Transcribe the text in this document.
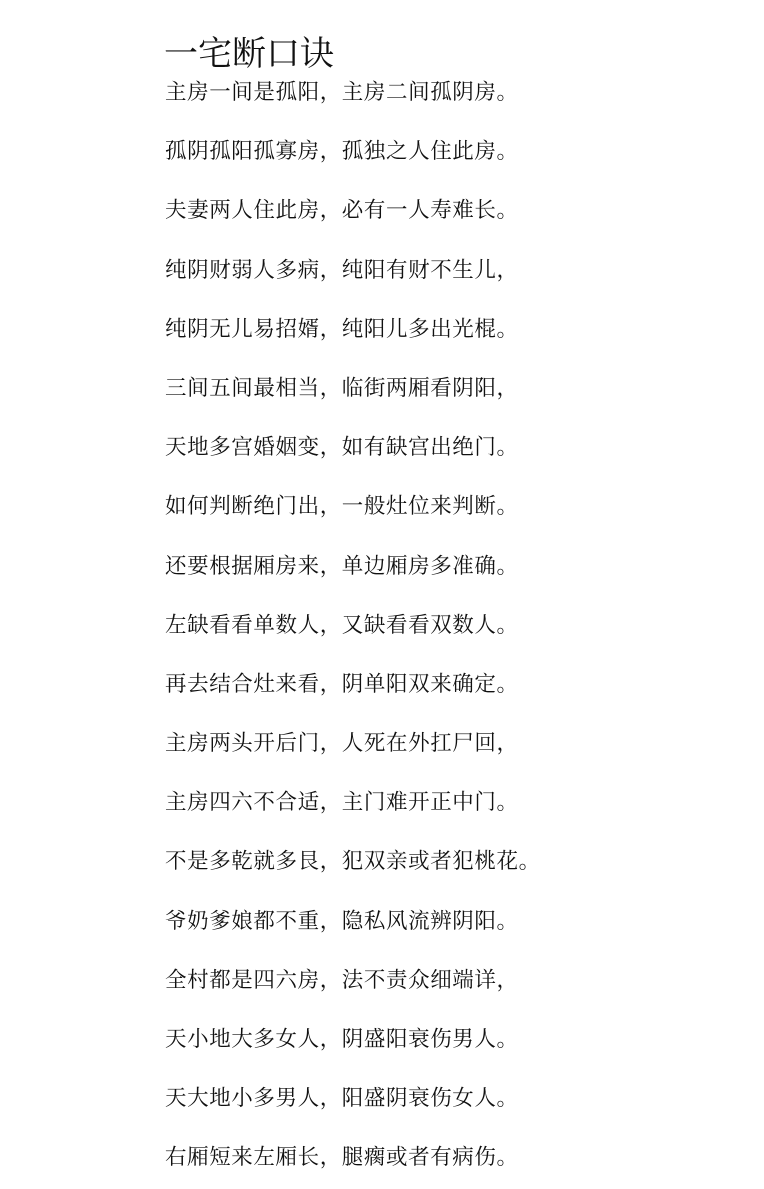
一宅断口诀
主房一间是孤阳，主房二间孤阴房。
孤阴孤阳孤寡房，孤独之人住此房。
夫妻两人住此房，必有一人寿难长。
纯阴财弱人多病，纯阳有财不生儿，
纯阴无儿易招婿，纯阳儿多出光棍。
三间五间最相当，临街两厢看阴阳，
天地多宫婚姻变，如有缺宫出绝门。
如何判断绝门出，一般灶位来判断。
还要根据厢房来，单边厢房多准确。
左缺看看单数人，又缺看看双数人。
再去结合灶来看，阴单阳双来确定。
主房两头开后门，人死在外扛尸回，
主房四六不合适，主门难开正中门。
不是多乾就多艮，犯双亲或者犯桃花。
爷奶爹娘都不重，隐私风流辨阴阳。
全村都是四六房，法不责众细端详，
天小地大多女人，阴盛阳衰伤男人。
天大地小多男人，阳盛阴衰伤女人。
右厢短来左厢长，腿瘸或者有病伤。
